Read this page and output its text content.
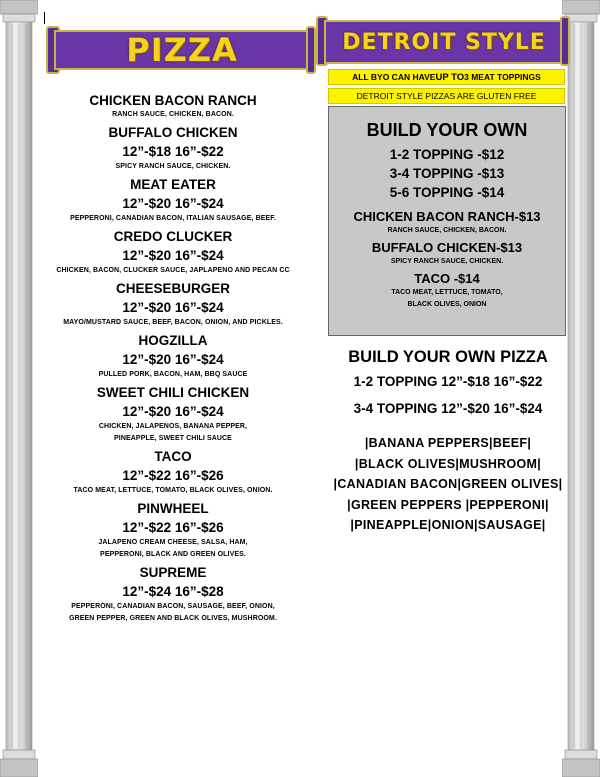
PIZZA	DETROIT STYLE
ALL BYO CAN HAVE UP TO 3 MEAT TOPPINGS
DETROIT STYLE PIZZAS ARE GLUTEN FREE
CHICKEN BACON RANCH
RANCH SAUCE, CHICKEN, BACON.
BUFFALO CHICKEN
12”-$18 16”-$22
SPICY RANCH SAUCE, CHICKEN.
MEAT EATER
12”-$20 16”-$24
PEPPERONI, CANADIAN BACON, ITALIAN SAUSAGE, BEEF.
CREDO CLUCKER
12”-$20 16”-$24
CHICKEN, BACON, CLUCKER SAUCE, JAPLAPENO AND PECAN CC
CHEESEBURGER
12”-$20 16”-$24
MAYO/MUSTARD SAUCE, BEEF, BACON, ONION, AND PICKLES.
HOGZILLA
12”-$20 16”-$24
PULLED PORK, BACON, HAM, BBQ SAUCE
SWEET CHILI CHICKEN
12”-$20 16”-$24
CHICKEN, JALAPENOS, BANANA PEPPER,
PINEAPPLE, SWEET CHILI SAUCE
TACO
12”-$22 16”-$26
TACO MEAT, LETTUCE, TOMATO, BLACK OLIVES, ONION.
PINWHEEL
12”-$22 16”-$26
JALAPENO CREAM CHEESE, SALSA, HAM,
PEPPERONI, BLACK AND GREEN OLIVES.
SUPREME
12”-$24 16”-$28
PEPPERONI, CANADIAN BACON, SAUSAGE, BEEF, ONION,
GREEN PEPPER, GREEN AND BLACK OLIVES, MUSHROOM.
BUILD YOUR OWN
1-2 TOPPING -$12
3-4 TOPPING -$13
5-6 TOPPING -$14
CHICKEN BACON RANCH-$13
RANCH SAUCE, CHICKEN, BACON.
BUFFALO CHICKEN-$13
SPICY RANCH SAUCE, CHICKEN.
TACO -$14
TACO MEAT, LETTUCE, TOMATO,
BLACK OLIVES, ONION
BUILD YOUR OWN PIZZA
1-2 TOPPING 12”-$18 16”-$22
3-4 TOPPING 12”-$20 16”-$24
|BANANA PEPPERS|BEEF|
|BLACK OLIVES|MUSHROOM|
|CANADIAN BACON|GREEN OLIVES|
|GREEN PEPPERS |PEPPERONI|
|PINEAPPLE|ONION|SAUSAGE|
